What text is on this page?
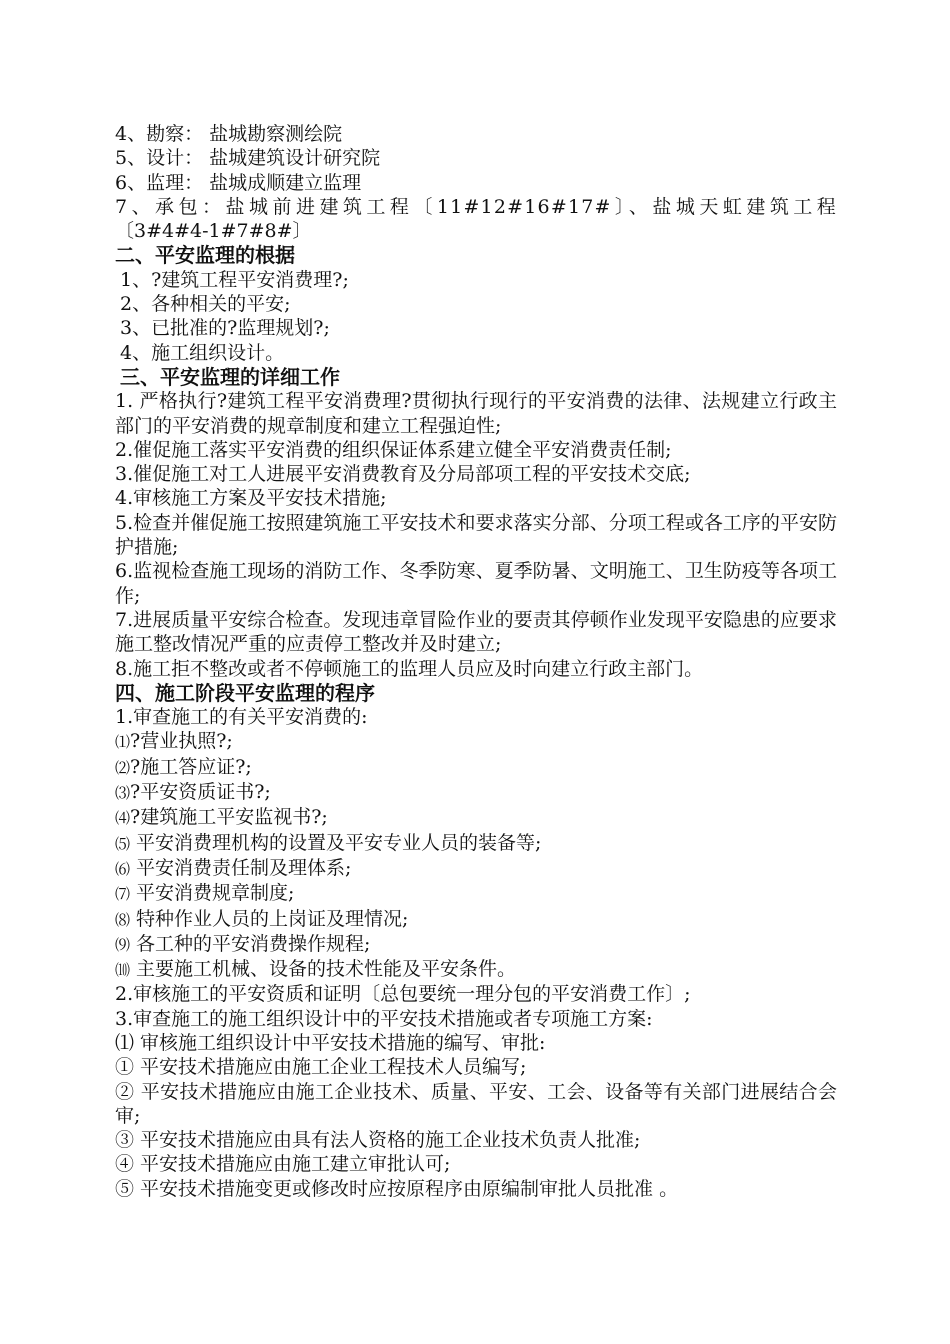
4、勘察： 盐城勘察测绘院
5、设计： 盐城建筑设计研究院
6、监理： 盐城成顺建立监理
7、承包：盐城前进建筑工程〔11#12#16#17#〕、盐城天虹建筑工程
〔3#4#4-1#7#8#〕
二、平安监理的根据
1、?建筑工程平安消费理?;
2、各种相关的平安;
3、已批准的?监理规划?;
4、施工组织设计。
三、平安监理的详细工作
1. 严格执行?建筑工程平安消费理?贯彻执行现行的平安消费的法律、法规建立行政主部门的平安消费的规章制度和建立工程强迫性;
2.催促施工落实平安消费的组织保证体系建立健全平安消费责任制;
3.催促施工对工人进展平安消费教育及分局部项工程的平安技术交底;
4.审核施工方案及平安技术措施;
5.检查并催促施工按照建筑施工平安技术和要求落实分部、分项工程或各工序的平安防护措施;
6.监视检查施工现场的消防工作、冬季防寒、夏季防暑、文明施工、卫生防疫等各项工作;
7.进展质量平安综合检查。发现违章冒险作业的要责其停顿作业发现平安隐患的应要求施工整改情况严重的应责停工整改并及时建立;
8.施工拒不整改或者不停顿施工的监理人员应及时向建立行政主部门。
四、施工阶段平安监理的程序
1.审查施工的有关平安消费的:
⑴?营业执照?;
⑵?施工答应证?;
⑶?平安资质证书?;
⑷?建筑施工平安监视书?;
⑸ 平安消费理机构的设置及平安专业人员的装备等;
⑹ 平安消费责任制及理体系;
⑺ 平安消费规章制度;
⑻ 特种作业人员的上岗证及理情况;
⑼ 各工种的平安消费操作规程;
⑽ 主要施工机械、设备的技术性能及平安条件。
2.审核施工的平安资质和证明〔总包要统一理分包的平安消费工作〕;
3.审查施工的施工组织设计中的平安技术措施或者专项施工方案:
⑴ 审核施工组织设计中平安技术措施的编写、审批:
① 平安技术措施应由施工企业工程技术人员编写;
② 平安技术措施应由施工企业技术、质量、平安、工会、设备等有关部门进展结合会审;
③ 平安技术措施应由具有法人资格的施工企业技术负责人批准;
④ 平安技术措施应由施工建立审批认可;
⑤ 平安技术措施变更或修改时应按原程序由原编制审批人员批准 。
